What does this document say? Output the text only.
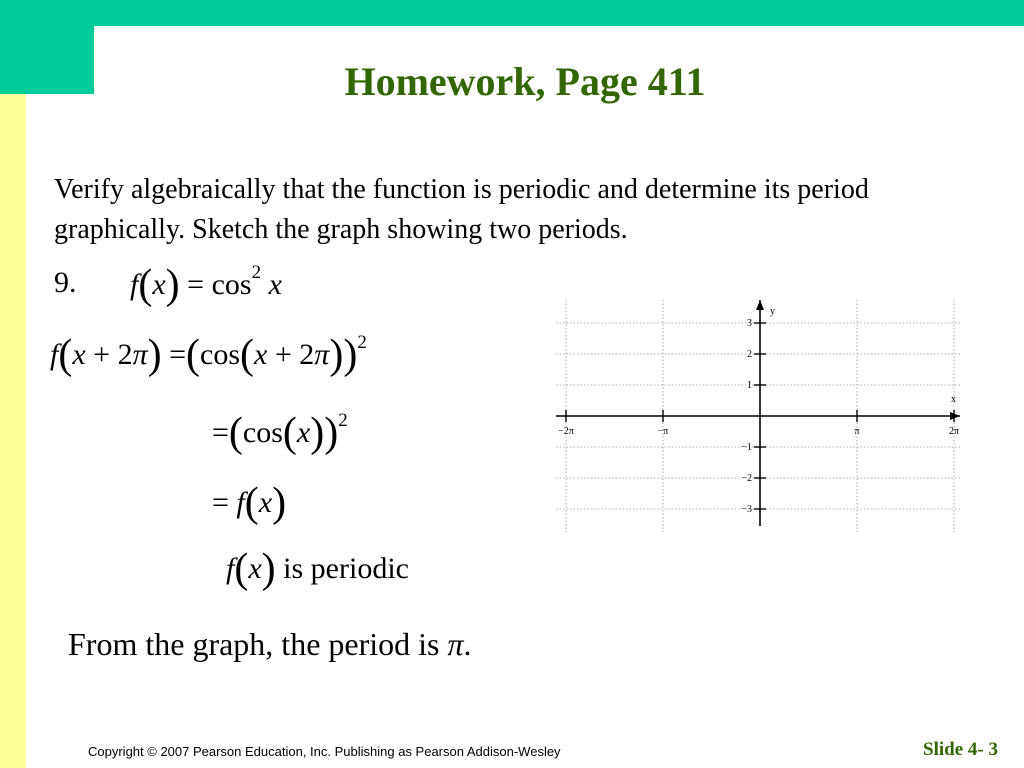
Homework, Page 411
Verify algebraically that the function is periodic and determine its period graphically. Sketch the graph showing two periods.
9. $f(x) = \cos^2 x$
$f(x + 2\pi) =(\cos(x + 2\pi))^2$
$=(\cos(x))^2$
= f(x)
f(x) is periodic
−2π	−π	π	2π
3
2
1
−1
−2
−3
y
x
From the graph, the period is π.
Copyright © 2007 Pearson Education, Inc. Publishing as Pearson Addison-Wesley	Slide 4- 3
